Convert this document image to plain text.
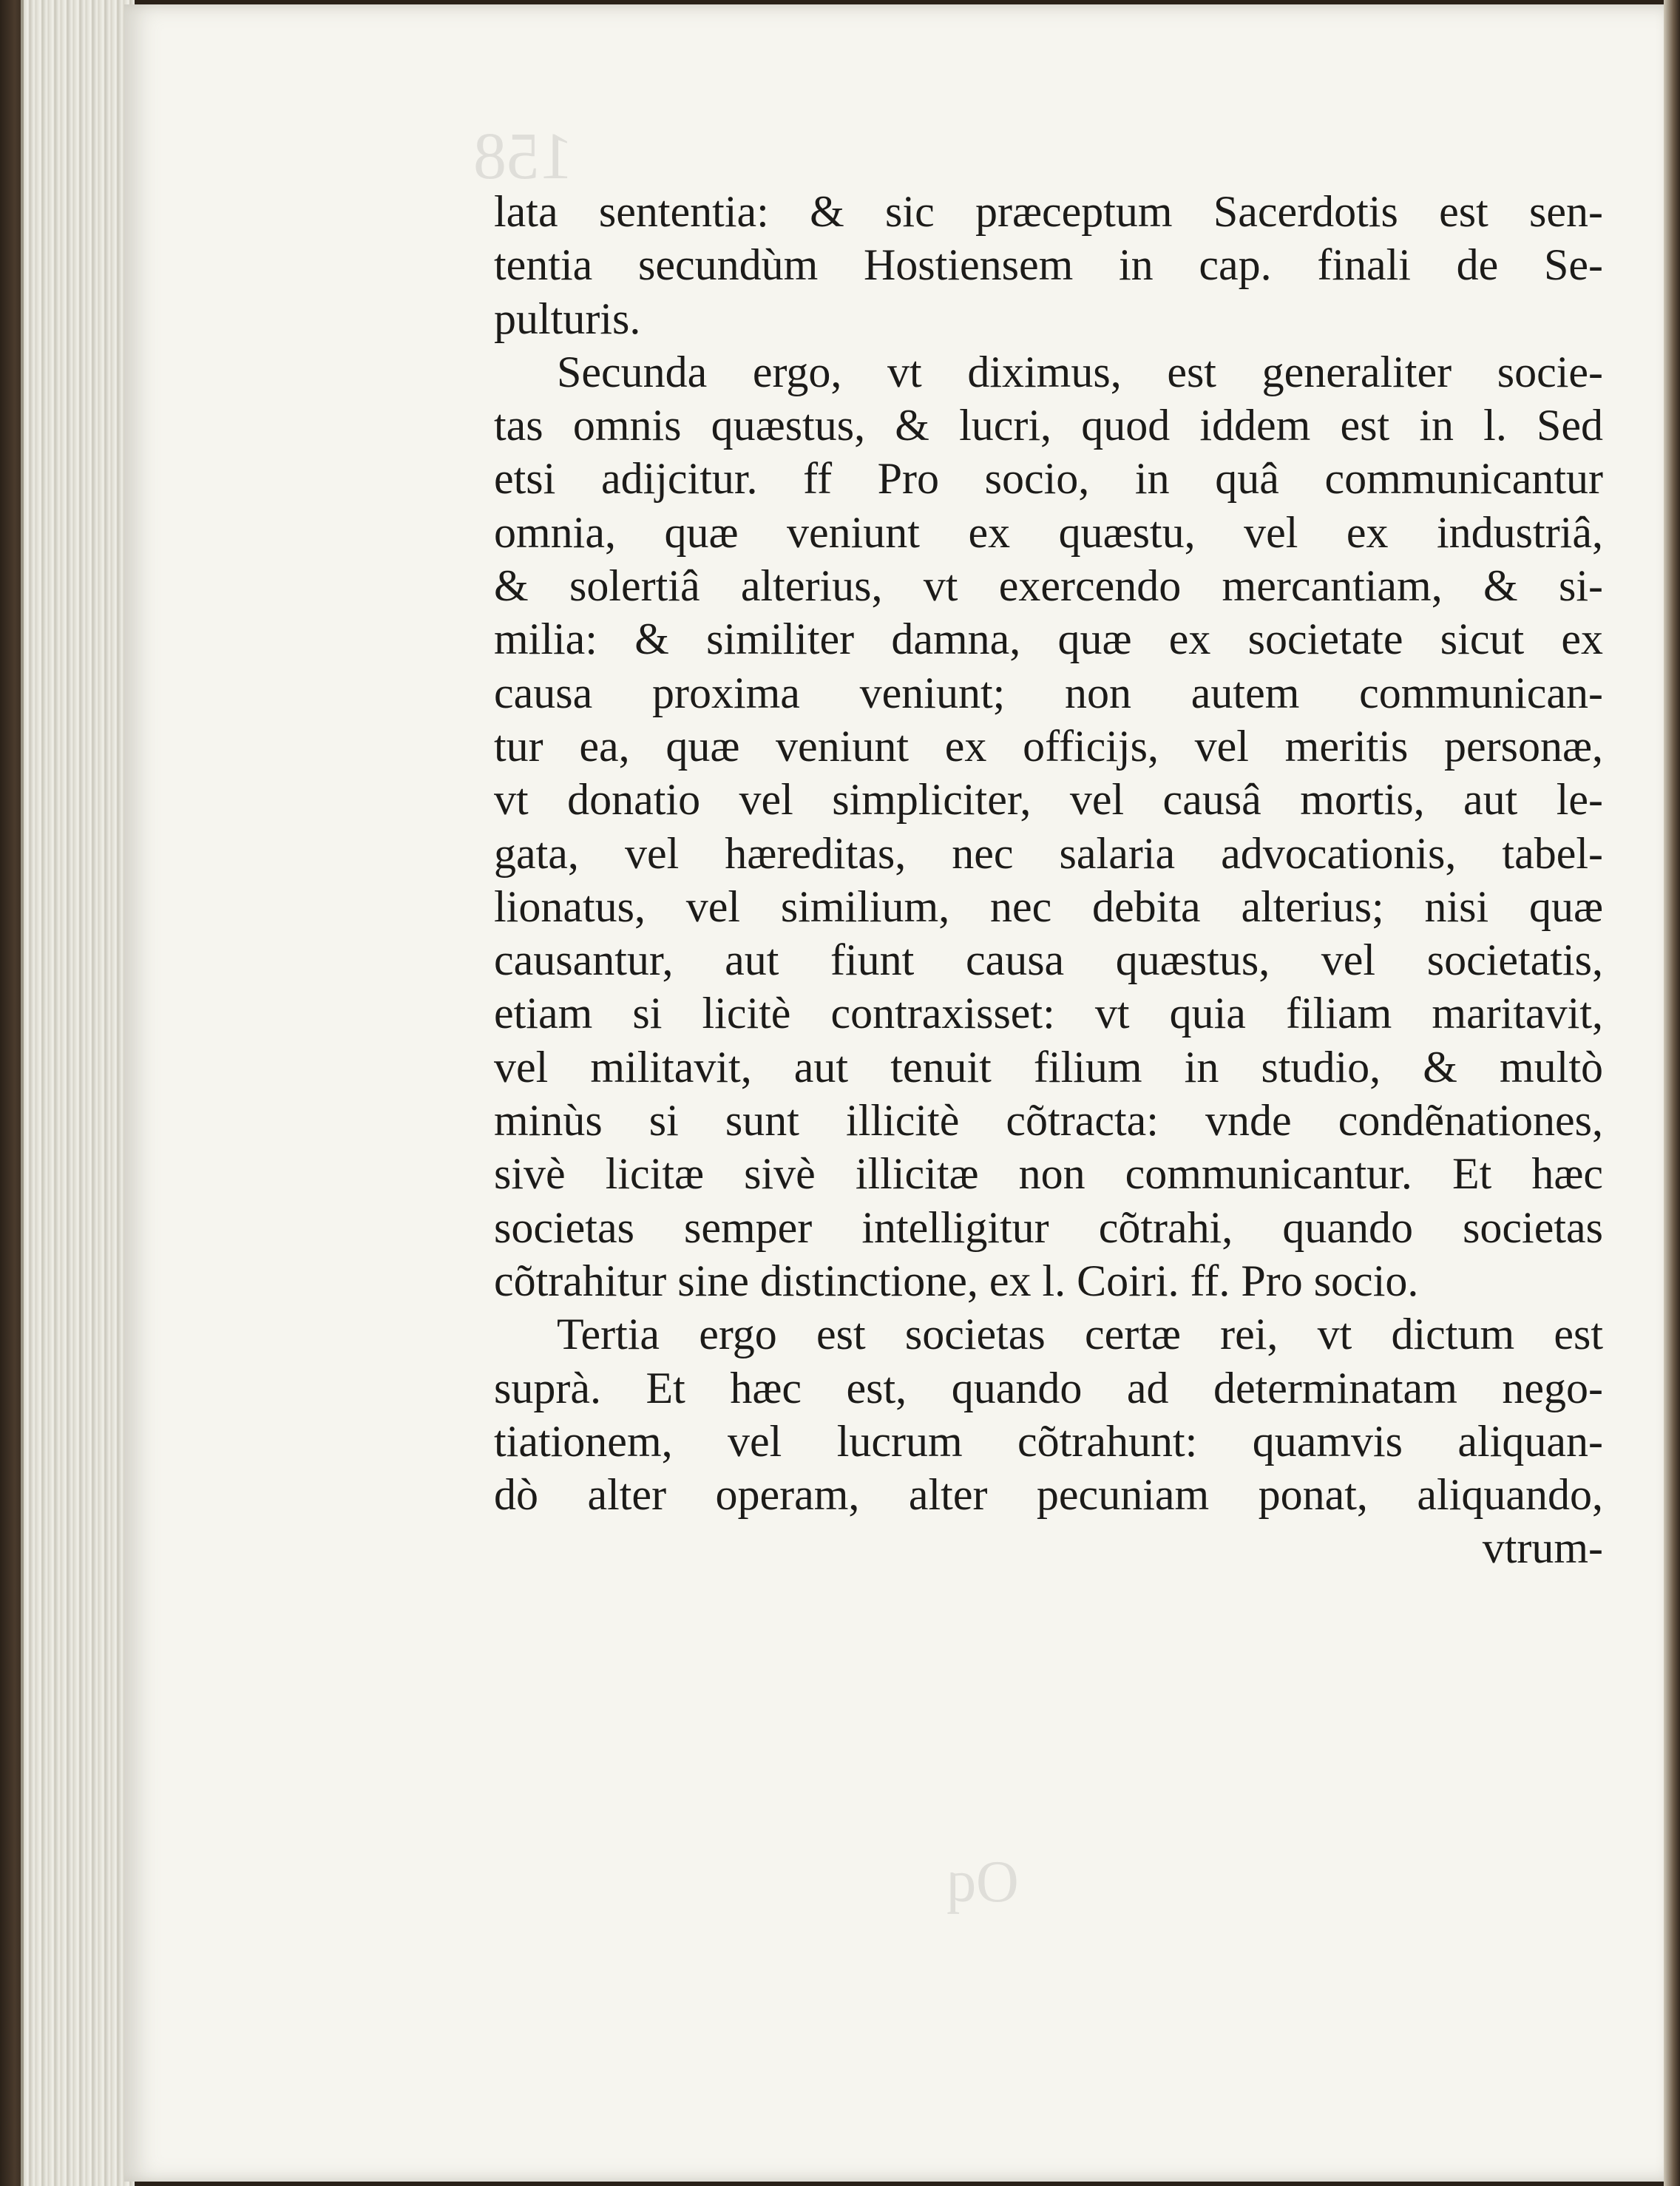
158
Oq
lata sententia: & sic præceptum Sacerdotis est sen-
tentia secundùm Hostiensem in cap. finali de Se-
pulturis.
Secunda ergo, vt diximus, est generaliter socie-
tas omnis quæstus, & lucri, quod iddem est in l. Sed
etsi adijcitur. ff Pro socio, in quâ communicantur
omnia, quæ veniunt ex quæstu, vel ex industriâ,
& solertiâ alterius, vt exercendo mercantiam, & si-
milia: & similiter damna, quæ ex societate sicut ex
causa proxima veniunt; non autem communican-
tur ea, quæ veniunt ex officijs, vel meritis personæ,
vt donatio vel simpliciter, vel causâ mortis, aut le-
gata, vel hæreditas, nec salaria advocationis, tabel-
lionatus, vel similium, nec debita alterius; nisi quæ
causantur, aut fiunt causa quæstus, vel societatis,
etiam si licitè contraxisset: vt quia filiam maritavit,
vel militavit, aut tenuit filium in studio, & multò
minùs si sunt illicitè cõtracta: vnde condẽnationes,
sivè licitæ sivè illicitæ non communicantur. Et hæc
societas semper intelligitur cõtrahi, quando societas
cõtrahitur sine distinctione, ex l. Coiri. ff. Pro socio.
Tertia ergo est societas certæ rei, vt dictum est
suprà. Et hæc est, quando ad determinatam nego-
tiationem, vel lucrum cõtrahunt: quamvis aliquan-
dò alter operam, alter pecuniam ponat, aliquando,
vtrum-
